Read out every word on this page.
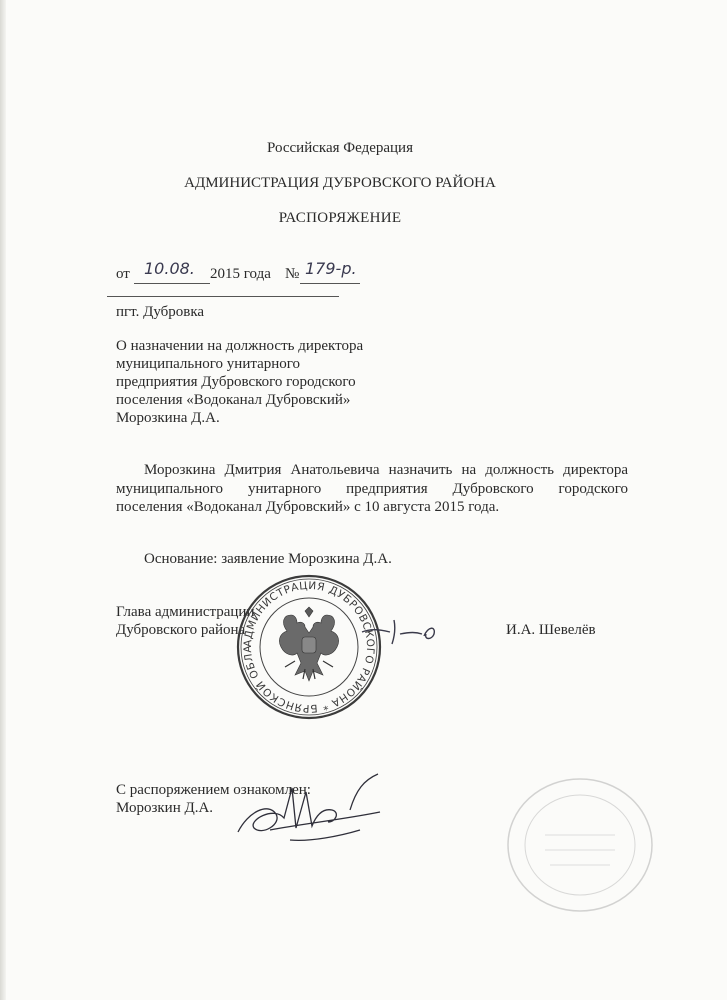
Российская Федерация
АДМИНИСТРАЦИЯ ДУБРОВСКОГО РАЙОНА
РАСПОРЯЖЕНИЕ
от 10.08. 2015 года № 179-р.
пгт. Дубровка
О назначении на должность директора
муниципального унитарного
предприятия Дубровского городского
поселения «Водоканал Дубровский»
Морозкина Д.А.
Морозкина Дмитрия Анатольевича назначить на должность директора
муниципального унитарного предприятия Дубровского городского
поселения «Водоканал Дубровский» с 10 августа 2015 года.
Основание: заявление Морозкина Д.А.
Глава администрации
Дубровского района	И.А. Шевелёв
АДМИНИСТРАЦИЯ ДУБРОВСКОГО РАЙОНА * БРЯНСКОЙ ОБЛАСТИ *
С распоряжением ознакомлен:
Морозкин Д.А.
